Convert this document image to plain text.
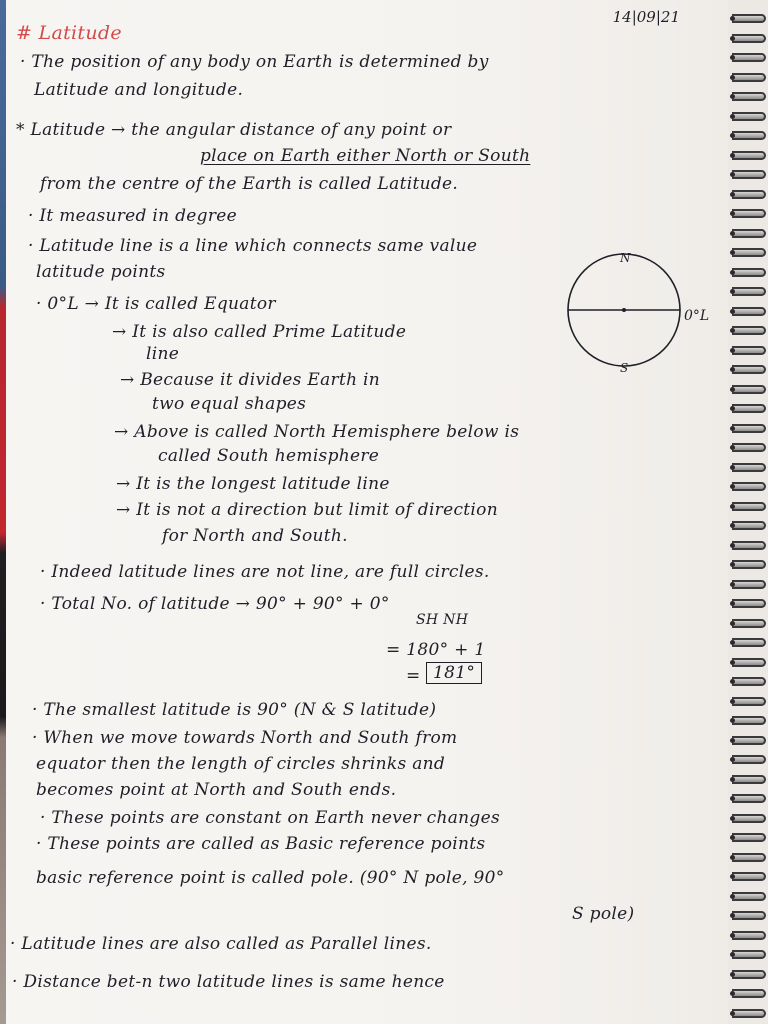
14|09|21

# Latitude

· The position of any body on Earth is determined by

Latitude and longitude.

* Latitude → the angular distance of any point or

place on Earth either North or South

from the centre of the Earth is called Latitude.

· It measured in degree

· Latitude line is a line which connects same value

latitude points

· 0°L → It is called Equator

→ It is also called Prime Latitude

line

→ Because it divides Earth in

two equal shapes

→ Above is called North Hemisphere below is

called South hemisphere

→ It is the longest latitude line

→ It is not a direction but limit of direction

for North and South.

· Indeed latitude lines are not line, are full circles.

· Total No. of latitude → 90° + 90° + 0°

SH NH

= 180° + 1

= 181°

· The smallest latitude is 90° (N & S latitude)

· When we move towards North and South from

equator then the length of circles shrinks and

becomes point at North and South ends.

· These points are constant on Earth never changes

· These points are called as Basic reference points

basic reference point is called pole. (90° N pole, 90°

S pole)

· Latitude lines are also called as Parallel lines.

· Distance bet-n two latitude lines is same hence

N
S
0°L
